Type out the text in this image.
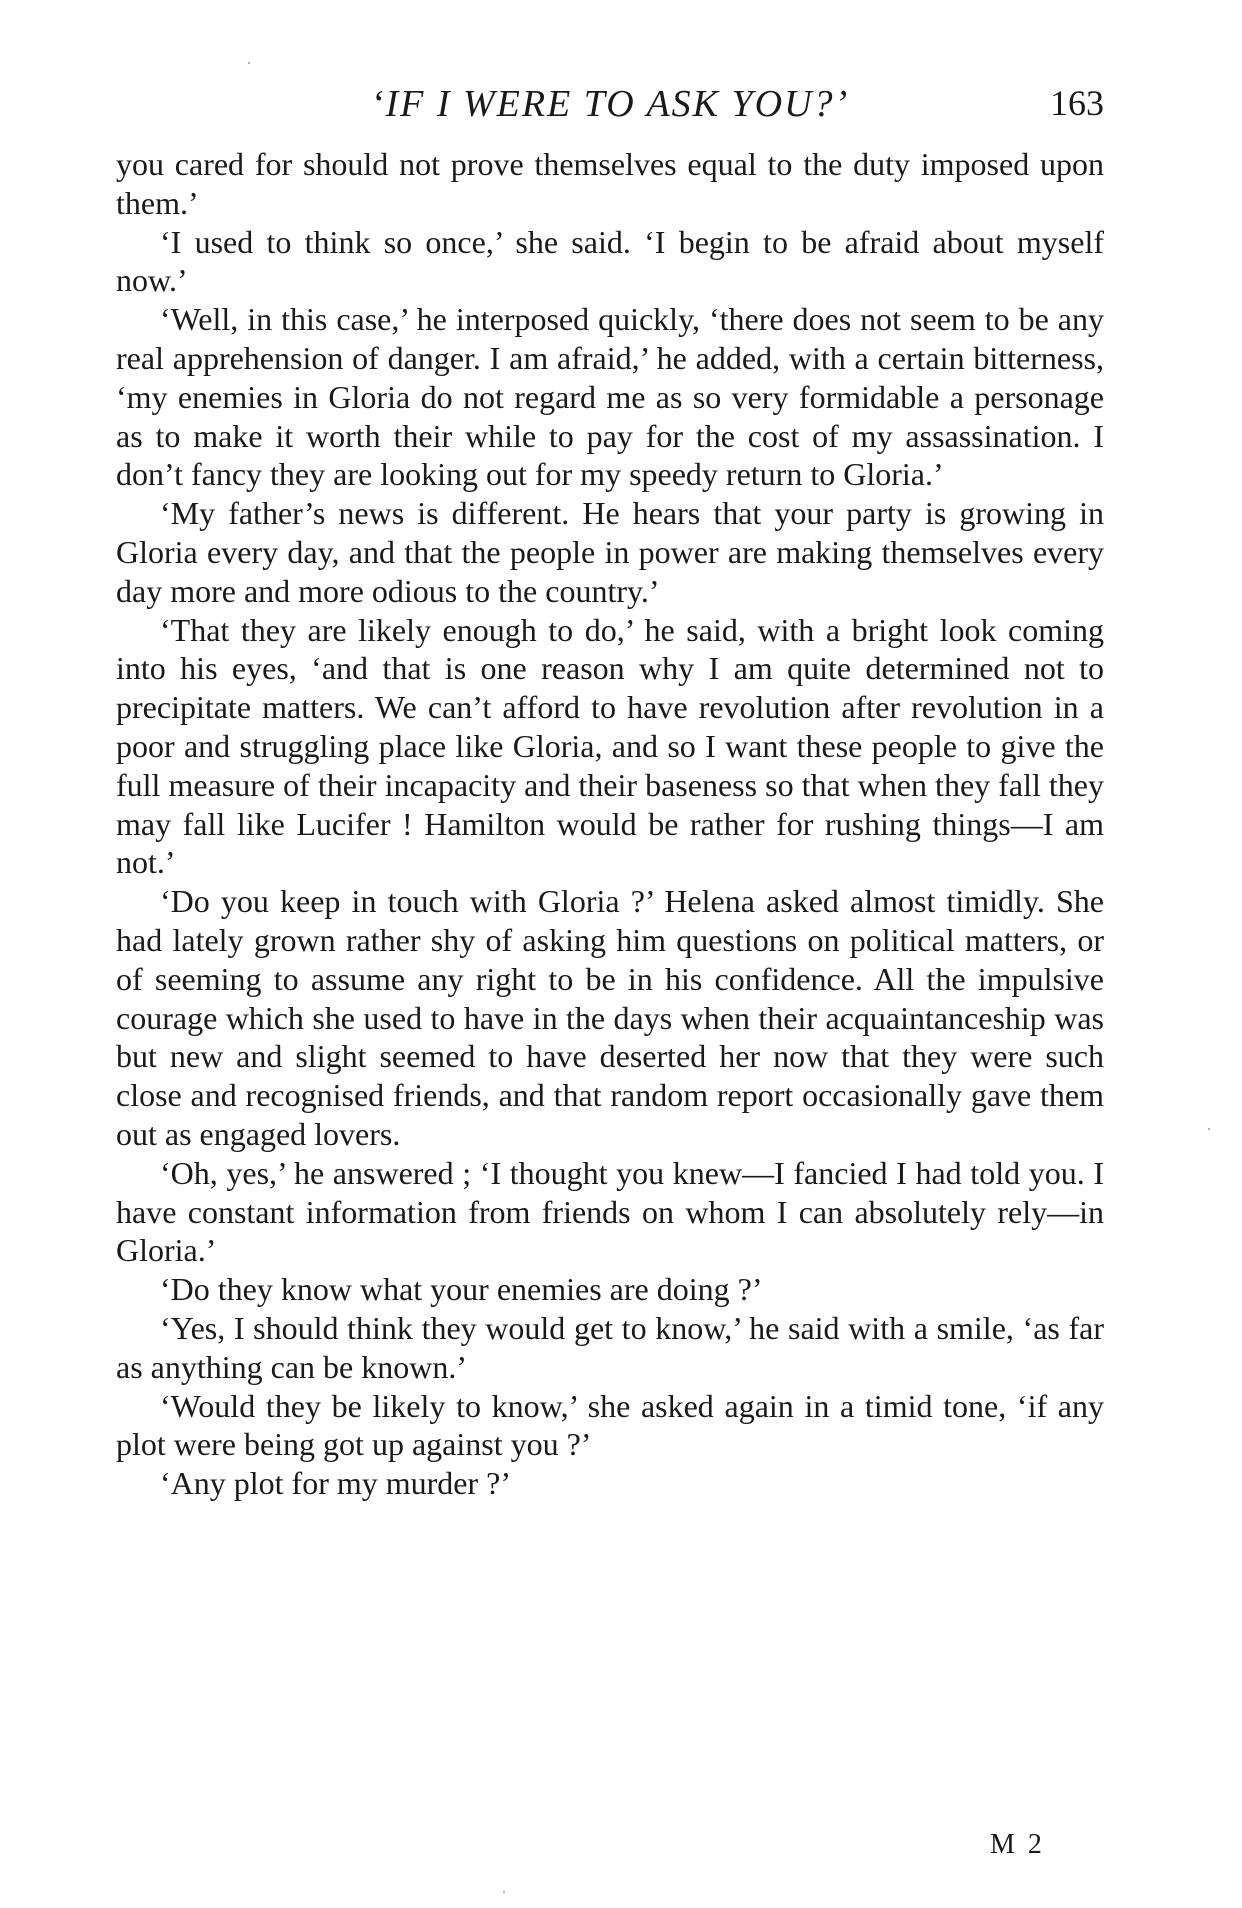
‘IF I WERE TO ASK YOU?’	163

you cared for should not prove themselves equal to the duty imposed upon them.’

‘I used to think so once,’ she said. ‘I begin to be afraid about myself now.’

‘Well, in this case,’ he interposed quickly, ‘there does not seem to be any real apprehension of danger. I am afraid,’ he added, with a certain bitterness, ‘my enemies in Gloria do not regard me as so very formidable a personage as to make it worth their while to pay for the cost of my assassination. I don’t fancy they are looking out for my speedy return to Gloria.’

‘My father’s news is different. He hears that your party is growing in Gloria every day, and that the people in power are making themselves every day more and more odious to the country.’

‘That they are likely enough to do,’ he said, with a bright look coming into his eyes, ‘and that is one reason why I am quite determined not to precipitate matters. We can’t afford to have revolution after revolution in a poor and struggling place like Gloria, and so I want these people to give the full measure of their incapacity and their baseness so that when they fall they may fall like Lucifer ! Hamilton would be rather for rushing things—I am not.’

‘Do you keep in touch with Gloria ?’ Helena asked almost timidly. She had lately grown rather shy of asking him questions on political matters, or of seeming to assume any right to be in his confidence. All the impulsive courage which she used to have in the days when their acquaintanceship was but new and slight seemed to have deserted her now that they were such close and recognised friends, and that random report occasionally gave them out as engaged lovers.

‘Oh, yes,’ he answered ; ‘I thought you knew—I fancied I had told you. I have constant information from friends on whom I can absolutely rely—in Gloria.’

‘Do they know what your enemies are doing ?’

‘Yes, I should think they would get to know,’ he said with a smile, ‘as far as anything can be known.’

‘Would they be likely to know,’ she asked again in a timid tone, ‘if any plot were being got up against you ?’

‘Any plot for my murder ?’

M 2
